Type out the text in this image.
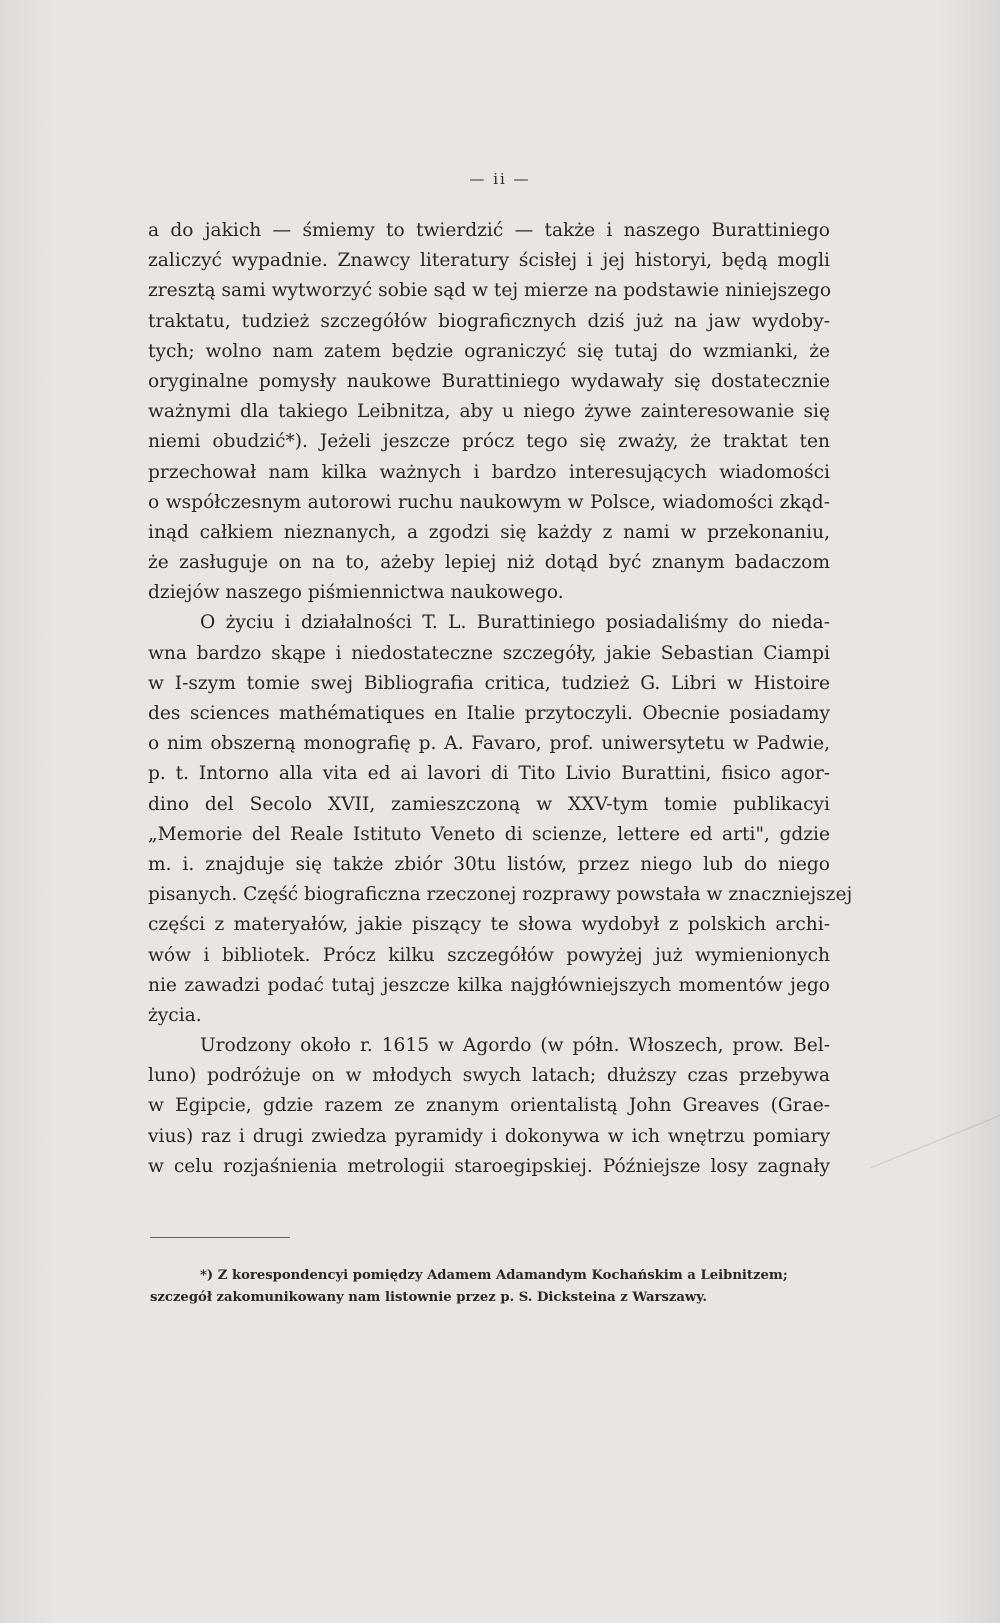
— ii —
a do jakich — śmiemy to twierdzić — także i naszego Burattiniego
zaliczyć wypadnie. Znawcy literatury ścisłej i jej historyi, będą mogli
zresztą sami wytworzyć sobie sąd w tej mierze na podstawie niniejszego
traktatu, tudzież szczegółów biograficznych dziś już na jaw wydoby-
tych; wolno nam zatem będzie ograniczyć się tutaj do wzmianki, że
oryginalne pomysły naukowe Burattiniego wydawały się dostatecznie
ważnymi dla takiego Leibnitza, aby u niego żywe zainteresowanie się
niemi obudzić*). Jeżeli jeszcze prócz tego się zważy, że traktat ten
przechował nam kilka ważnych i bardzo interesujących wiadomości
o współczesnym autorowi ruchu naukowym w Polsce, wiadomości zkąd-
inąd całkiem nieznanych, a zgodzi się każdy z nami w przekonaniu,
że zasługuje on na to, ażeby lepiej niż dotąd być znanym badaczom
dziejów naszego piśmiennictwa naukowego.
O życiu i działalności T. L. Burattiniego posiadaliśmy do nieda-
wna bardzo skąpe i niedostateczne szczegóły, jakie Sebastian Ciampi
w I-szym tomie swej Bibliografia critica, tudzież G. Libri w Histoire
des sciences mathématiques en Italie przytoczyli. Obecnie posiadamy
o nim obszerną monografię p. A. Favaro, prof. uniwersytetu w Padwie,
p. t. Intorno alla vita ed ai lavori di Tito Livio Burattini, fisico agor-
dino del Secolo XVII, zamieszczoną w XXV-tym tomie publikacyi
„Memorie del Reale Istituto Veneto di scienze, lettere ed arti", gdzie
m. i. znajduje się także zbiór 30tu listów, przez niego lub do niego
pisanych. Część biograficzna rzeczonej rozprawy powstała w znaczniejszej
części z materyałów, jakie piszący te słowa wydobył z polskich archi-
wów i bibliotek. Prócz kilku szczegółów powyżej już wymienionych
nie zawadzi podać tutaj jeszcze kilka najgłówniejszych momentów jego
życia.
Urodzony około r. 1615 w Agordo (w półn. Włoszech, prow. Bel-
luno) podróżuje on w młodych swych latach; dłuższy czas przebywa
w Egipcie, gdzie razem ze znanym orientalistą John Greaves (Grae-
vius) raz i drugi zwiedza pyramidy i dokonywa w ich wnętrzu pomiary
w celu rozjaśnienia metrologii staroegipskiej. Późniejsze losy zagnały
*) Z korespondencyi pomiędzy Adamem Adamandym Kochańskim a Leibnitzem;
szczegół zakomunikowany nam listownie przez p. S. Dicksteina z Warszawy.
